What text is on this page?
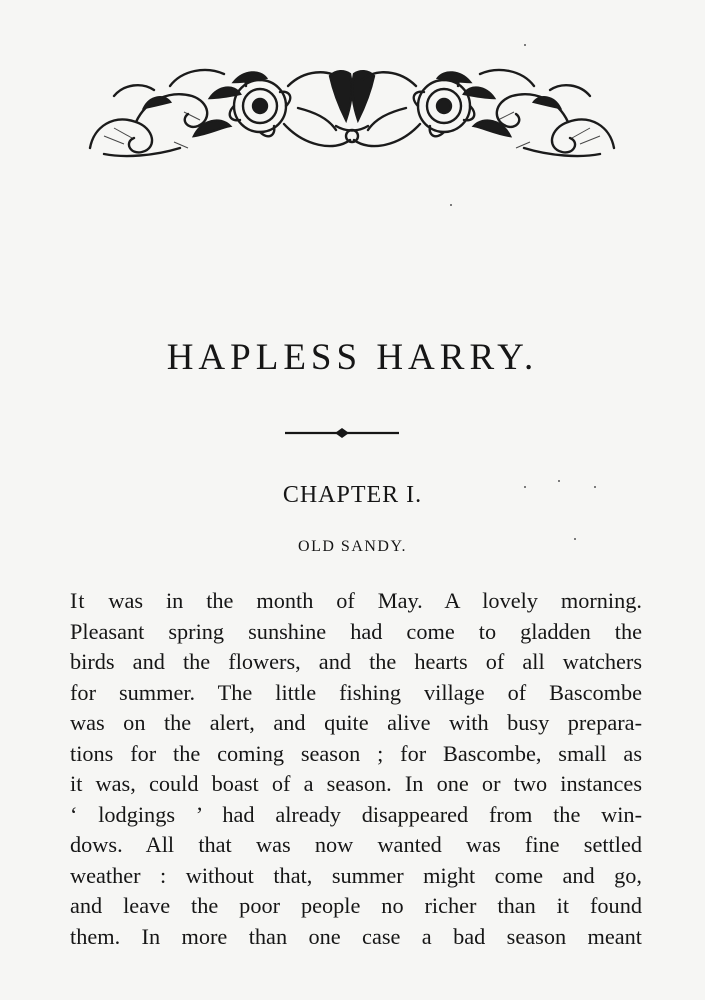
HAPLESS HARRY.
CHAPTER I.
OLD SANDY.
It was in the month of May. A lovely morning.
Pleasant spring sunshine had come to gladden the
birds and the flowers, and the hearts of all watchers
for summer. The little fishing village of Bascombe
was on the alert, and quite alive with busy prepara-
tions for the coming season ; for Bascombe, small as
it was, could boast of a season. In one or two instances
‘ lodgings ’ had already disappeared from the win-
dows. All that was now wanted was fine settled
weather : without that, summer might come and go,
and leave the poor people no richer than it found
them. In more than one case a bad season meant
